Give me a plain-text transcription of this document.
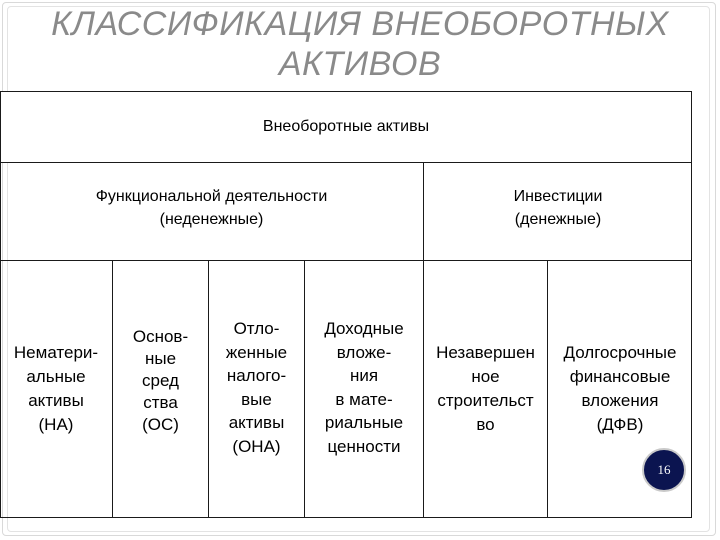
КЛАССИФИКАЦИЯ ВНЕОБОРОТНЫХ
АКТИВОВ
Внеоборотные активы
Функциональной деятельности
(неденежные)
Инвестиции
(денежные)
Нематери-
альные
активы
(НА)
Основ-
ные
сред
ства
(ОС)
Отло-
женные
налого-
вые
активы
(ОНА)
Доходные
вложе-
ния
в мате-
риальные
ценности
Незавершен
ное
строительст
во
Долгосрочные
финансовые
вложения
(ДФВ)
16
